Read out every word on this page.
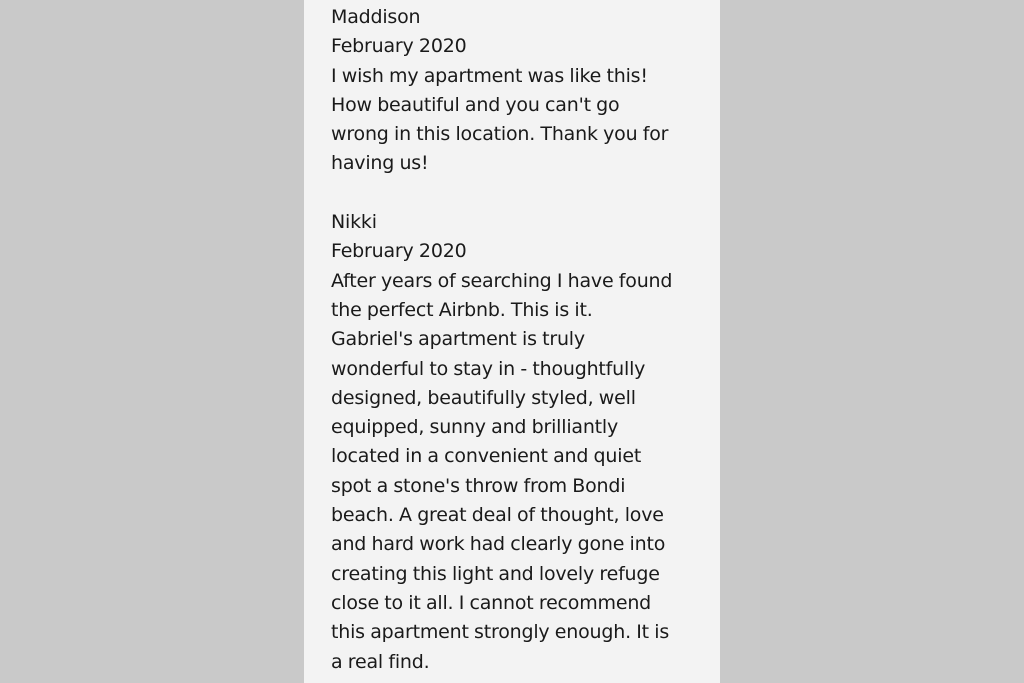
Maddison
February 2020
I wish my apartment was like this!
How beautiful and you can't go
wrong in this location. Thank you for
having us!
Nikki
February 2020
After years of searching I have found
the perfect Airbnb. This is it.
Gabriel's apartment is truly
wonderful to stay in - thoughtfully
designed, beautifully styled, well
equipped, sunny and brilliantly
located in a convenient and quiet
spot a stone's throw from Bondi
beach. A great deal of thought, love
and hard work had clearly gone into
creating this light and lovely refuge
close to it all. I cannot recommend
this apartment strongly enough. It is
a real find.
